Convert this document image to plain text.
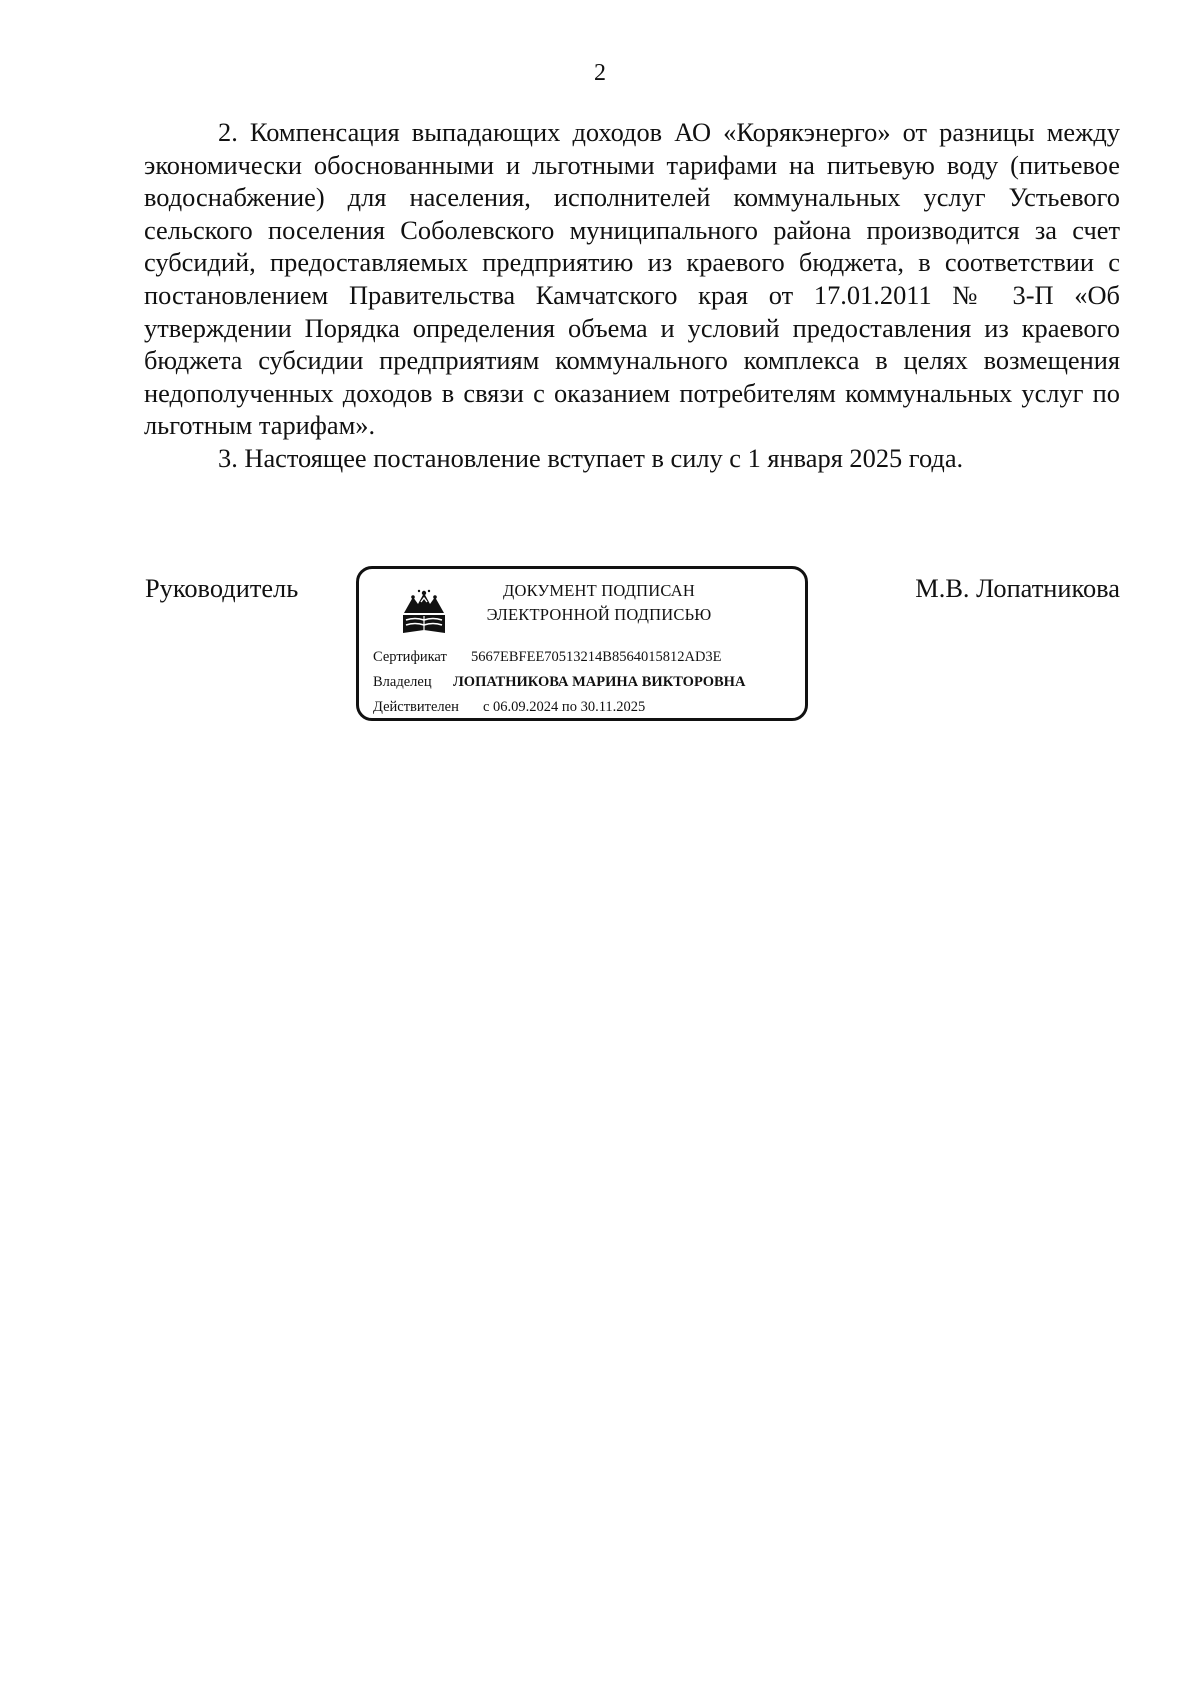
2

2. Компенсация выпадающих доходов АО «Корякэнерго» от разницы между экономически обоснованными и льготными тарифами на питьевую воду (питьевое водоснабжение) для населения, исполнителей коммунальных услуг Устьевого сельского поселения Соболевского муниципального района производится за счет субсидий, предоставляемых предприятию из краевого бюджета, в соответствии с постановлением Правительства Камчатского края от 17.01.2011 № 3-П «Об утверждении Порядка определения объема и условий предоставления из краевого бюджета субсидии предприятиям коммунального комплекса в целях возмещения недополученных доходов в связи с оказанием потребителям коммунальных услуг по льготным тарифам».

3. Настоящее постановление вступает в силу с 1 января 2025 года.

Руководитель	ДОКУМЕНТ ПОДПИСАН
ЭЛЕКТРОННОЙ ПОДПИСЬЮ
Сертификат 5667EBFEE70513214B8564015812AD3E
Владелец ЛОПАТНИКОВА МАРИНА ВИКТОРОВНА
Действителен с 06.09.2024 по 30.11.2025
М.В. Лопатникова
